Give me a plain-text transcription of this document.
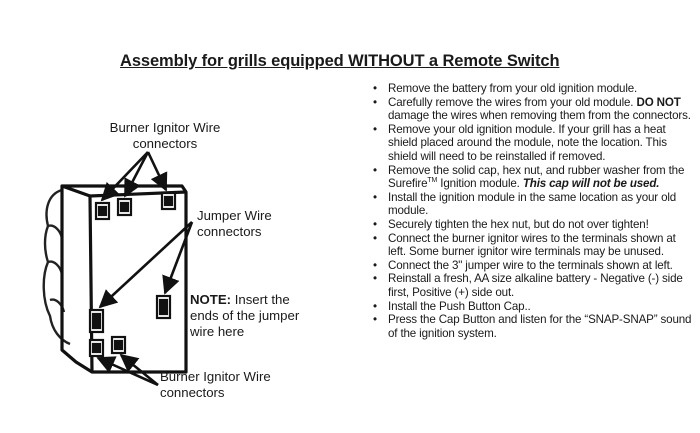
Assembly for grills equipped WITHOUT a Remote Switch
Burner Ignitor Wire
connectors
Jumper Wire
connectors
NOTE: Insert the
ends of the jumper
wire here
Burner Ignitor Wire
connectors
• Remove the battery from your old ignition module.
• Carefully remove the wires from your old module. DO NOT damage the wires when removing them from the connectors.
• Remove your old ignition module. If your grill has a heat shield placed around the module, note the location. This shield will need to be reinstalled if removed.
• Remove the solid cap, hex nut, and rubber washer from the Surefire™ Ignition module. This cap will not be used.
• Install the ignition module in the same location as your old module.
• Securely tighten the hex nut, but do not over tighten!
• Connect the burner ignitor wires to the terminals shown at left. Some burner ignitor wire terminals may be unused.
• Connect the 3" jumper wire to the terminals shown at left.
• Reinstall a fresh, AA size alkaline battery - Negative (-) side first, Positive (+) side out.
• Install the Push Button Cap..
• Press the Cap Button and listen for the “SNAP-SNAP” sound of the ignition system.
